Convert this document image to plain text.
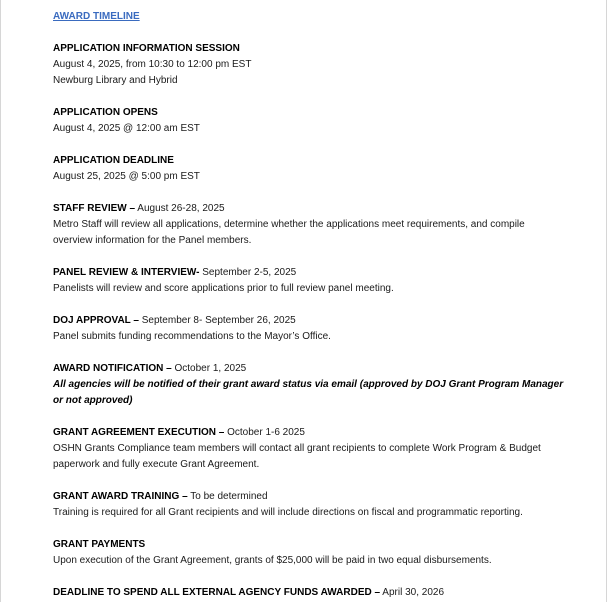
AWARD TIMELINE
APPLICATION INFORMATION SESSION
August 4, 2025, from 10:30 to 12:00 pm EST
Newburg Library and Hybrid
APPLICATION OPENS
August 4, 2025 @ 12:00 am EST
APPLICATION DEADLINE
August 25, 2025 @ 5:00 pm EST
STAFF REVIEW – August 26-28, 2025
Metro Staff will review all applications, determine whether the applications meet requirements, and compile
overview information for the Panel members.
PANEL REVIEW & INTERVIEW- September 2-5, 2025
Panelists will review and score applications prior to full review panel meeting.
DOJ APPROVAL – September 8- September 26, 2025
Panel submits funding recommendations to the Mayor’s Office.
AWARD NOTIFICATION – October 1, 2025
All agencies will be notified of their grant award status via email (approved by DOJ Grant Program Manager
or not approved)
GRANT AGREEMENT EXECUTION – October 1-6 2025
OSHN Grants Compliance team members will contact all grant recipients to complete Work Program & Budget
paperwork and fully execute Grant Agreement.
GRANT AWARD TRAINING – To be determined
Training is required for all Grant recipients and will include directions on fiscal and programmatic reporting.
GRANT PAYMENTS
Upon execution of the Grant Agreement, grants of $25,000 will be paid in two equal disbursements.
DEADLINE TO SPEND ALL EXTERNAL AGENCY FUNDS AWARDED – April 30, 2026
